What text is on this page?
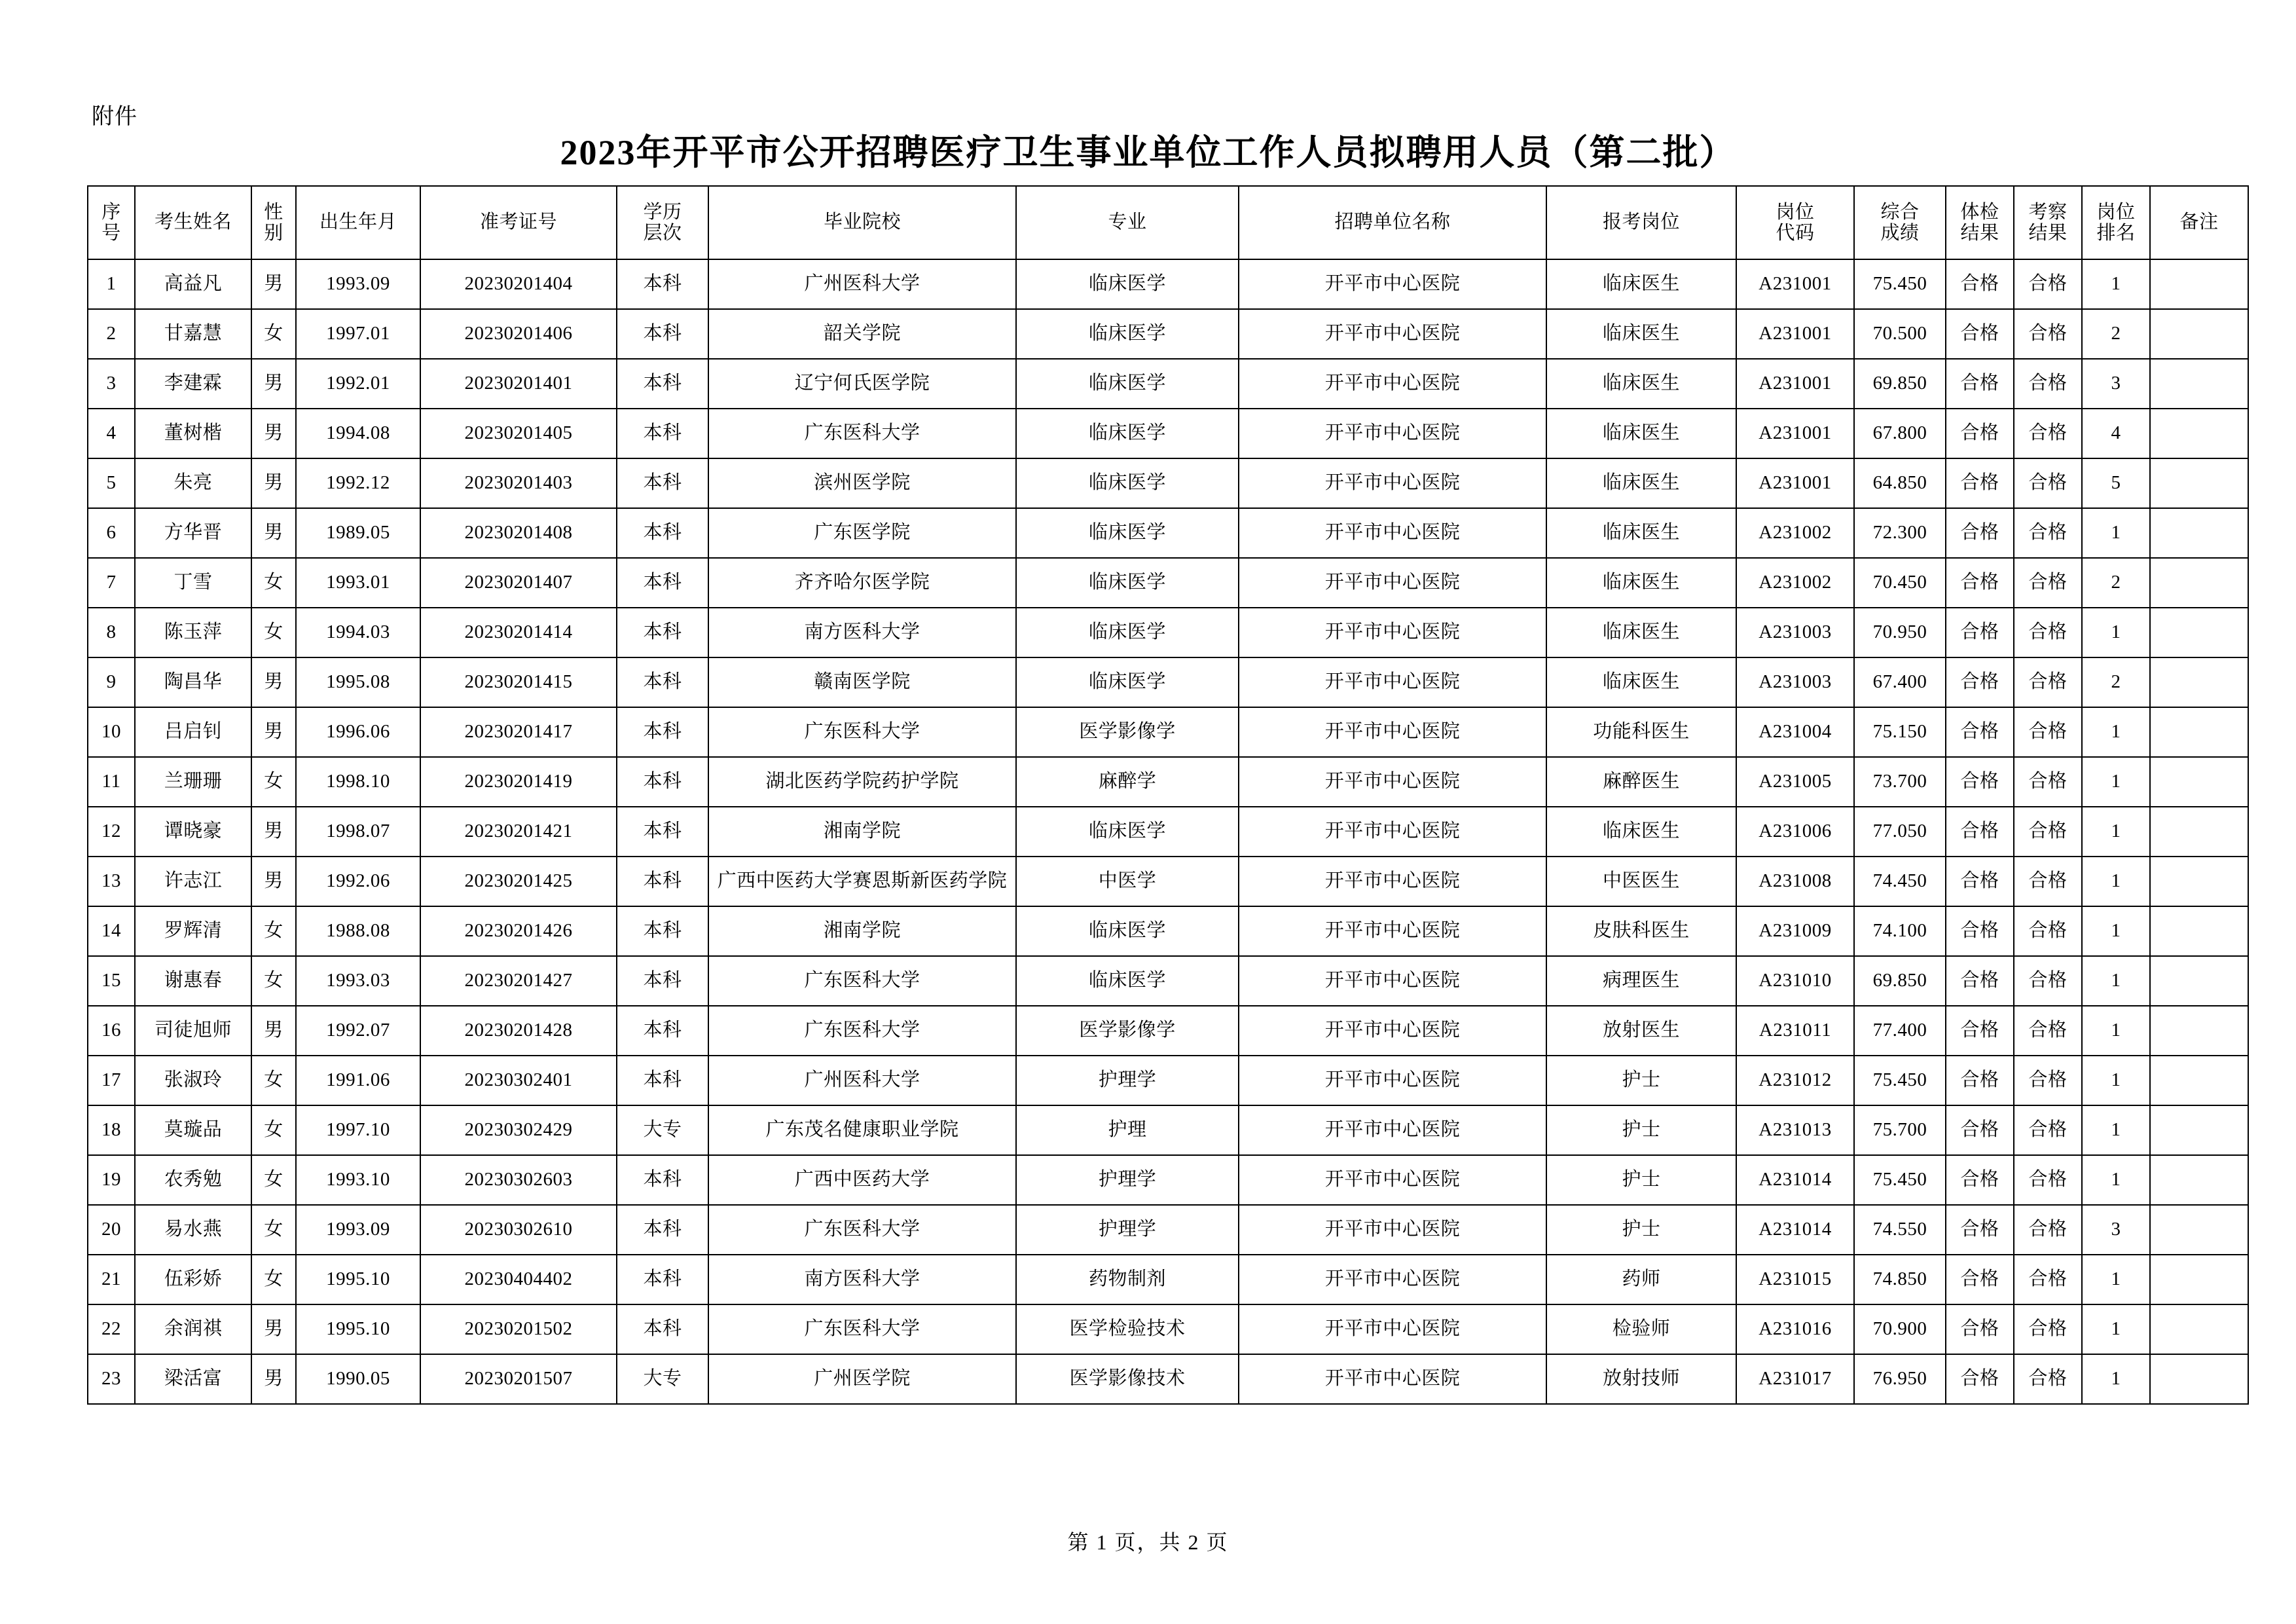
附件
2023年开平市公开招聘医疗卫生事业单位工作人员拟聘用人员（第二批）
序
号	考生姓名	性
别	出生年月	准考证号	学历
层次	毕业院校	专业	招聘单位名称	报考岗位	岗位
代码	综合
成绩	体检
结果	考察
结果	岗位
排名	备注

1	高益凡	男	1993.09	20230201404	本科	广州医科大学	临床医学	开平市中心医院	临床医生	A231001	75.450	合格	合格	1	

2	甘嘉慧	女	1997.01	20230201406	本科	韶关学院	临床医学	开平市中心医院	临床医生	A231001	70.500	合格	合格	2	

3	李建霖	男	1992.01	20230201401	本科	辽宁何氏医学院	临床医学	开平市中心医院	临床医生	A231001	69.850	合格	合格	3	

4	董树楷	男	1994.08	20230201405	本科	广东医科大学	临床医学	开平市中心医院	临床医生	A231001	67.800	合格	合格	4	

5	朱亮	男	1992.12	20230201403	本科	滨州医学院	临床医学	开平市中心医院	临床医生	A231001	64.850	合格	合格	5	

6	方华晋	男	1989.05	20230201408	本科	广东医学院	临床医学	开平市中心医院	临床医生	A231002	72.300	合格	合格	1	

7	丁雪	女	1993.01	20230201407	本科	齐齐哈尔医学院	临床医学	开平市中心医院	临床医生	A231002	70.450	合格	合格	2	

8	陈玉萍	女	1994.03	20230201414	本科	南方医科大学	临床医学	开平市中心医院	临床医生	A231003	70.950	合格	合格	1	

9	陶昌华	男	1995.08	20230201415	本科	赣南医学院	临床医学	开平市中心医院	临床医生	A231003	67.400	合格	合格	2	

10	吕启钊	男	1996.06	20230201417	本科	广东医科大学	医学影像学	开平市中心医院	功能科医生	A231004	75.150	合格	合格	1	

11	兰珊珊	女	1998.10	20230201419	本科	湖北医药学院药护学院	麻醉学	开平市中心医院	麻醉医生	A231005	73.700	合格	合格	1	

12	谭晓豪	男	1998.07	20230201421	本科	湘南学院	临床医学	开平市中心医院	临床医生	A231006	77.050	合格	合格	1	

13	许志江	男	1992.06	20230201425	本科	广西中医药大学赛恩斯新医药学院	中医学	开平市中心医院	中医医生	A231008	74.450	合格	合格	1	

14	罗辉清	女	1988.08	20230201426	本科	湘南学院	临床医学	开平市中心医院	皮肤科医生	A231009	74.100	合格	合格	1	

15	谢惠春	女	1993.03	20230201427	本科	广东医科大学	临床医学	开平市中心医院	病理医生	A231010	69.850	合格	合格	1	

16	司徒旭师	男	1992.07	20230201428	本科	广东医科大学	医学影像学	开平市中心医院	放射医生	A231011	77.400	合格	合格	1	

17	张淑玲	女	1991.06	20230302401	本科	广州医科大学	护理学	开平市中心医院	护士	A231012	75.450	合格	合格	1	

18	莫璇品	女	1997.10	20230302429	大专	广东茂名健康职业学院	护理	开平市中心医院	护士	A231013	75.700	合格	合格	1	

19	农秀勉	女	1993.10	20230302603	本科	广西中医药大学	护理学	开平市中心医院	护士	A231014	75.450	合格	合格	1	

20	易水燕	女	1993.09	20230302610	本科	广东医科大学	护理学	开平市中心医院	护士	A231014	74.550	合格	合格	3	

21	伍彩娇	女	1995.10	20230404402	本科	南方医科大学	药物制剂	开平市中心医院	药师	A231015	74.850	合格	合格	1	

22	余润祺	男	1995.10	20230201502	本科	广东医科大学	医学检验技术	开平市中心医院	检验师	A231016	70.900	合格	合格	1	

23	梁活富	男	1990.05	20230201507	大专	广州医学院	医学影像技术	开平市中心医院	放射技师	A231017	76.950	合格	合格	1	

第 1 页，共 2 页
